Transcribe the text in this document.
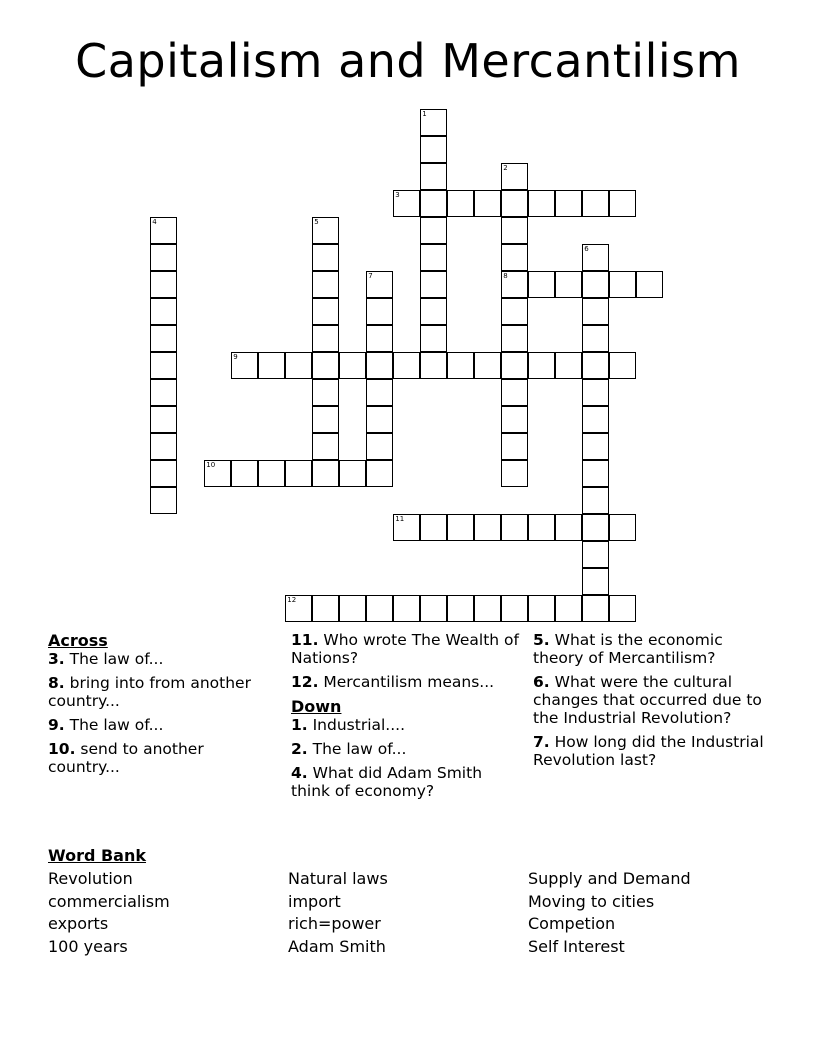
Capitalism and Mercantilism
1
2
8
3
4	5
6
7
9
10
11
12
Across
3. The law of...
8. bring into from another country...
9. The law of...
10. send to another country...
11. Who wrote The Wealth of Nations?
12. Mercantilism means...
Down
1. Industrial....
2. The law of...
4. What did Adam Smith think of economy?
5. What is the economic theory of Mercantilism?
6. What were the cultural changes that occurred due to the Industrial Revolution?
7. How long did the Industrial Revolution last?
Word Bank
Revolution
commercialism
exports
100 years
Natural laws
import
rich=power
Adam Smith
Supply and Demand
Moving to cities
Competion
Self Interest
